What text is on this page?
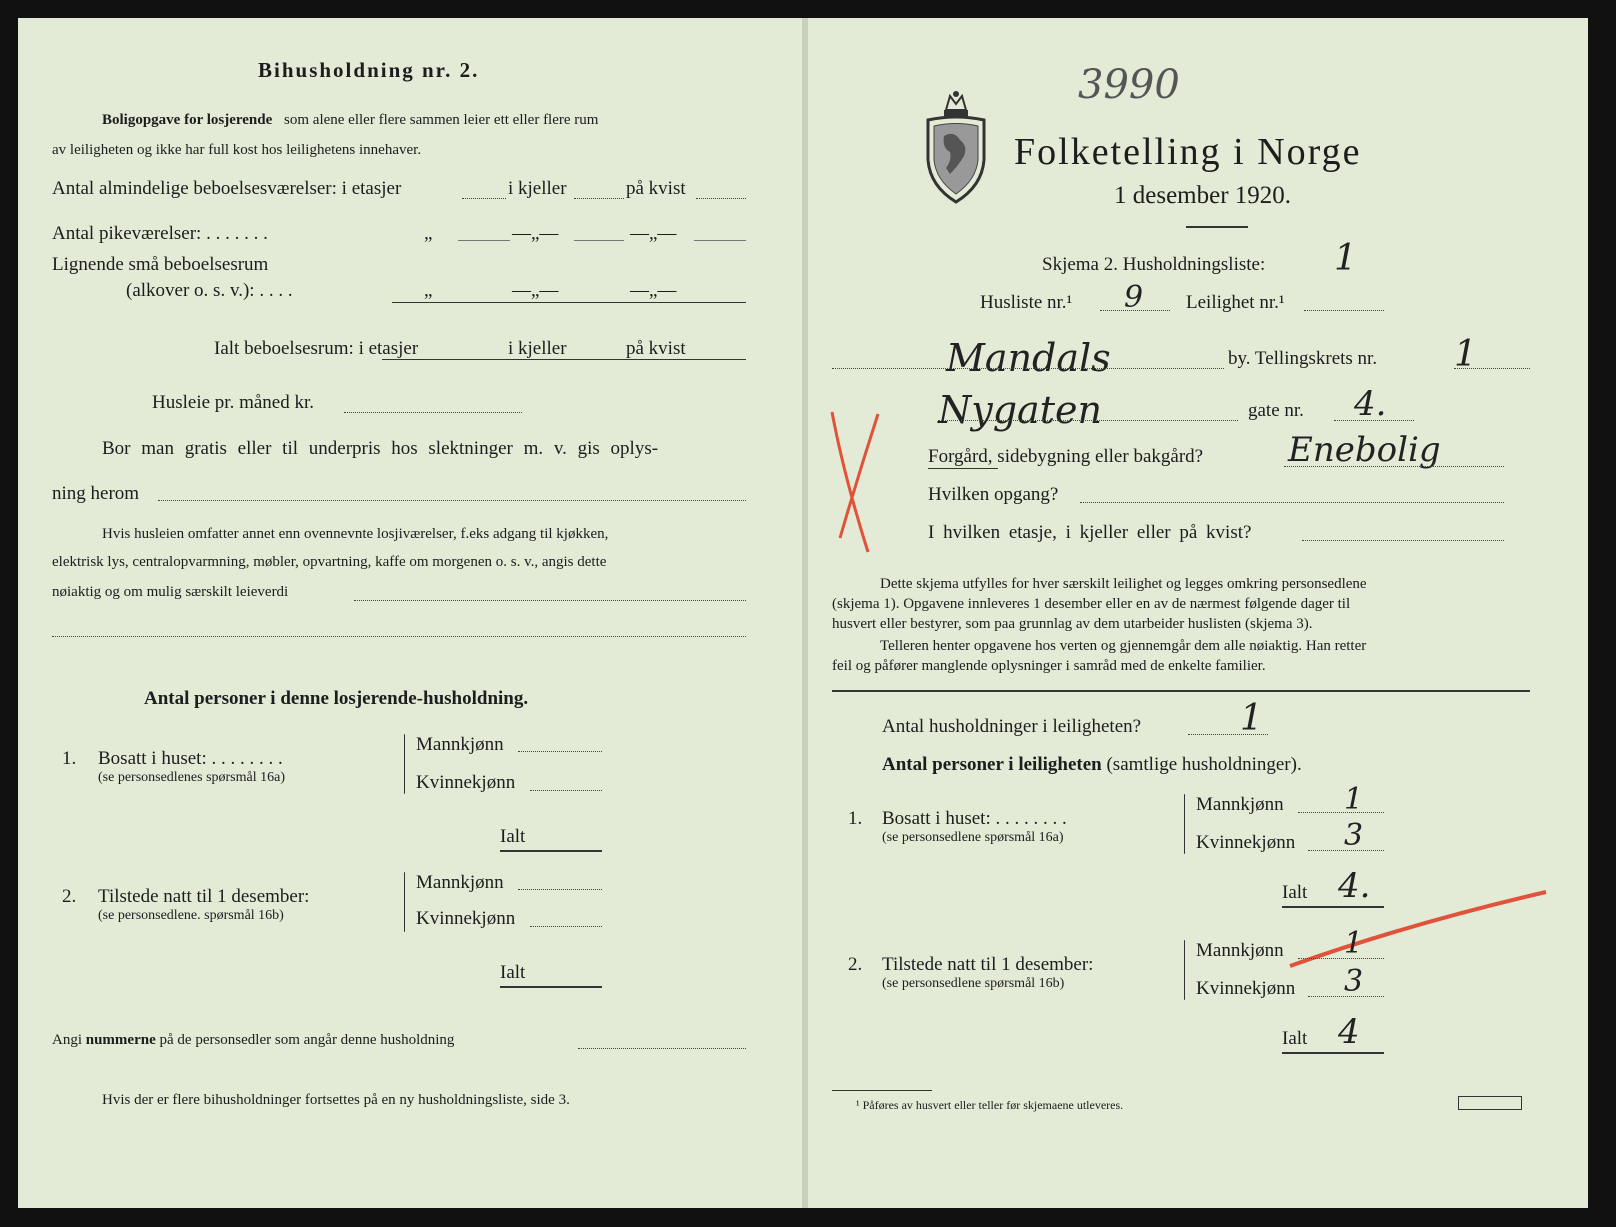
Bihusholdning nr. 2.
Boligopgave for losjerende som alene eller flere sammen leier ett eller flere rum
av leiligheten og ikke har full kost hos leilighetens innehaver.
Antal almindelige beboelsesværelser: i etasjer	i kjeller	på kvist
Antal pikeværelser: . . . . . . .	„	—„—	—„—
Lignende små beboelsesrum
(alkover o. s. v.): . . . .	„	—„—	—„—
Ialt beboelsesrum: i etasjer	i kjeller	på kvist
Husleie pr. måned kr.
Bor man gratis eller til underpris hos slektninger m. v. gis oplys-
ning herom
Hvis husleien omfatter annet enn ovennevnte losjiværelser, f.eks adgang til kjøkken,
elektrisk lys, centralopvarmning, møbler, opvartning, kaffe om morgenen o. s. v., angis dette
nøiaktig og om mulig særskilt leieverdi
Antal personer i denne losjerende-husholdning.
1. Bosatt i huset: . . . . . . . .
(se personsedlenes spørsmål 16a)
Mannkjønn
Kvinnekjønn
Ialt
2. Tilstede natt til 1 desember:
(se personsedlene. spørsmål 16b)
Mannkjønn
Kvinnekjønn
Ialt
Angi nummerne på de personsedler som angår denne husholdning
Hvis der er flere bihusholdninger fortsettes på en ny husholdningsliste, side 3.
3990
Folketelling i Norge
1 desember 1920.
Skjema 2. Husholdningsliste: 1
Husliste nr.¹ 9 Leilighet nr.¹
Mandals	by. Tellingskrets nr. 1
Nygaten	gate nr. 4.
Forgård, sidebygning eller bakgård? Enebolig
Hvilken opgang?
I hvilken etasje, i kjeller eller på kvist?
Dette skjema utfylles for hver særskilt leilighet og legges omkring personsedlene
(skjema 1). Opgavene innleveres 1 desember eller en av de nærmest følgende dager til
husvert eller bestyrer, som paa grunnlag av dem utarbeider huslisten (skjema 3).
Telleren henter opgavene hos verten og gjennemgår dem alle nøiaktig. Han retter
feil og påfører manglende oplysninger i samråd med de enkelte familier.
Antal husholdninger i leiligheten?	1
Antal personer i leiligheten (samtlige husholdninger).
1. Bosatt i huset: . . . . . . . .
(se personsedlene spørsmål 16a)
Mannkjønn 1
Kvinnekjønn 3
Ialt 4.
2. Tilstede natt til 1 desember:
(se personsedlene spørsmål 16b)
Mannkjønn 1
Kvinnekjønn 3
Ialt 4
¹ Påføres av husvert eller teller før skjemaene utleveres.
